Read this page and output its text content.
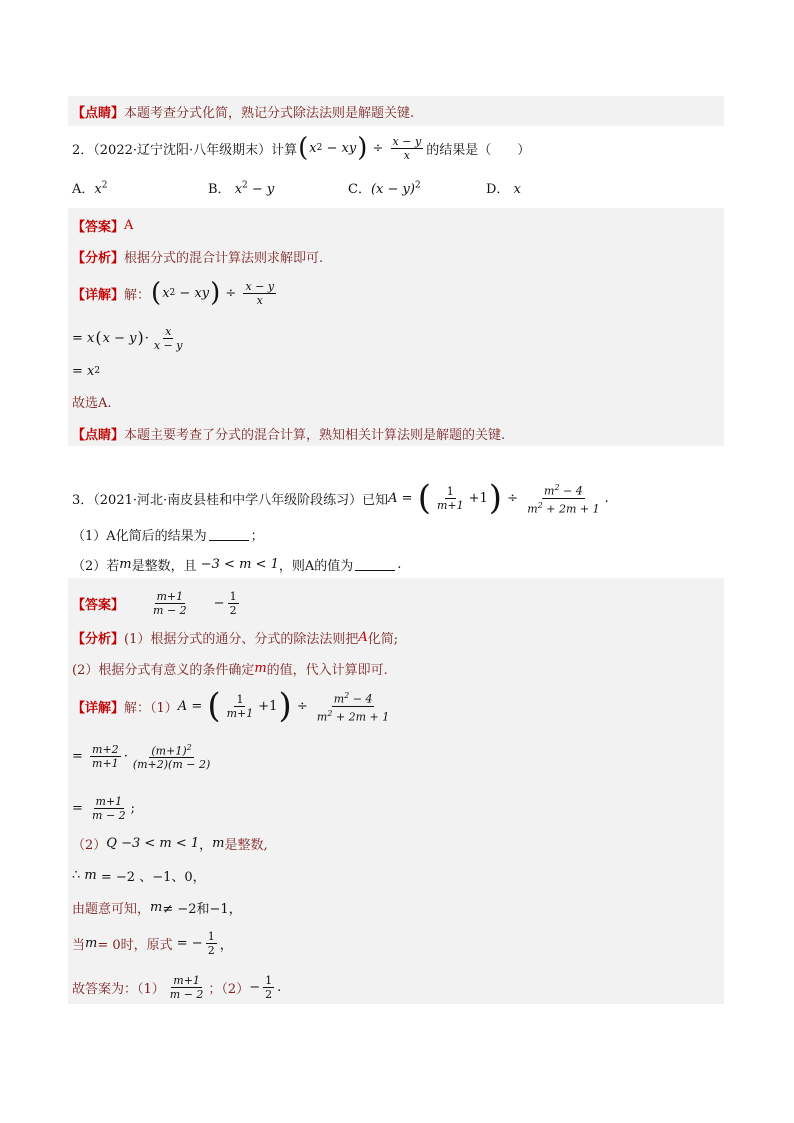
【点睛】 本题考查分式化简，熟记分式除法法则是解题关键.
2．（2022·辽宁沈阳·八年级期末）计算 ( x 2 − xy ) ÷ $\frac{x - y}{x}$ 的结果是（　　）
A．$x^2$	B． $x^2 - y$	C．$(x - y)^2$	D． x
【答案】 A
【分析】 根据分式的混合计算法则求解即可.
【详解】 解： ( x 2 − xy ) ÷ $\frac{x - y}{x}$
= x ( x − y ) · $\frac{x}{x - y}$
= x 2
故选A.
【点睛】 本题主要考查了分式的混合计算，熟知相关计算法则是解题的关键.
3．（2021·河北·南皮县桂和中学八年级阶段练习）已知 A = ( $\frac{1}{m+1} +1$ ) ÷ $\frac{m^2 - 4}{m^2 + 2m + 1}$ .
（1）A化简后的结果为	；
（2）若 m 是整数，且 −3 < m < 1 ，则A的值为	.
【答案】 $\frac{m+1}{m - 2} - \frac{1}{2}$
【分析】 (1）根据分式的通分、分式的除法法则把 A 化简;
(2）根据分式有意义的条件确定 m 的值，代入计算即可.
【详解】 解：（1） A = ( $\frac{1}{m+1} +1$ ) ÷ $\frac{m^2 - 4}{m^2 + 2m + 1}$
= $\frac{m+2}{m+1} \cdot \frac{(m+1)^2}{(m+2)(m - 2)}$
= $\frac{m+1}{m - 2}$ ;
（2） Q −3 < m < 1 ， m 是整数,
∴ m
= −2 、−1、0，
由题意可知， m ≠ −2和−1，
当 m = 0时，原式 = − $\frac{1}{2}$ ，
故答案为：$(1) \frac{m+1}{m - 2}$ ；$(2) - \frac{1}{2}$ .
